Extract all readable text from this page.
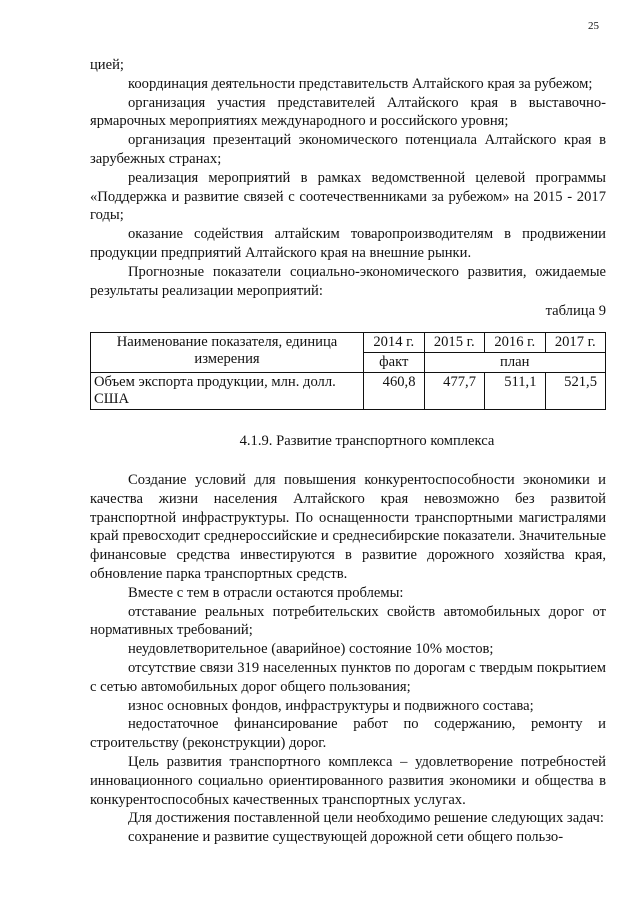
25

цией;

координация деятельности представительств Алтайского края за рубежом;

организация участия представителей Алтайского края в выставочно-ярмарочных мероприятиях международного и российского уровня;

организация презентаций экономического потенциала Алтайского края в зарубежных странах;

реализация мероприятий в рамках ведомственной целевой программы «Поддержка и развитие связей с соотечественниками за рубежом» на 2015 - 2017 годы;

оказание содействия алтайским товаропроизводителям в продвижении продукции предприятий Алтайского края на внешние рынки.

Прогнозные показатели социально-экономического развития, ожидаемые результаты реализации мероприятий:

таблица 9
Наименование показателя, единица измерения	2014 г.	2015 г.	2016 г.	2017 г.
	факт	план		
Объем экспорта продукции, млн. долл. США	460,8	477,7	511,1	521,5
4.1.9. Развитие транспортного комплекса

Создание условий для повышения конкурентоспособности экономики и качества жизни населения Алтайского края невозможно без развитой транспортной инфраструктуры. По оснащенности транспортными магистралями край превосходит среднероссийские и среднесибирские показатели. Значительные финансовые средства инвестируются в развитие дорожного хозяйства края, обновление парка транспортных средств.

Вместе с тем в отрасли остаются проблемы:

отставание реальных потребительских свойств автомобильных дорог от нормативных требований;

неудовлетворительное (аварийное) состояние 10% мостов;

отсутствие связи 319 населенных пунктов по дорогам с твердым покрытием с сетью автомобильных дорог общего пользования;

износ основных фондов, инфраструктуры и подвижного состава;

недостаточное финансирование работ по содержанию, ремонту и строительству (реконструкции) дорог.

Цель развития транспортного комплекса – удовлетворение потребностей инновационного социально ориентированного развития экономики и общества в конкурентоспособных качественных транспортных услугах.

Для достижения поставленной цели необходимо решение следующих задач:

сохранение и развитие существующей дорожной сети общего пользо-
